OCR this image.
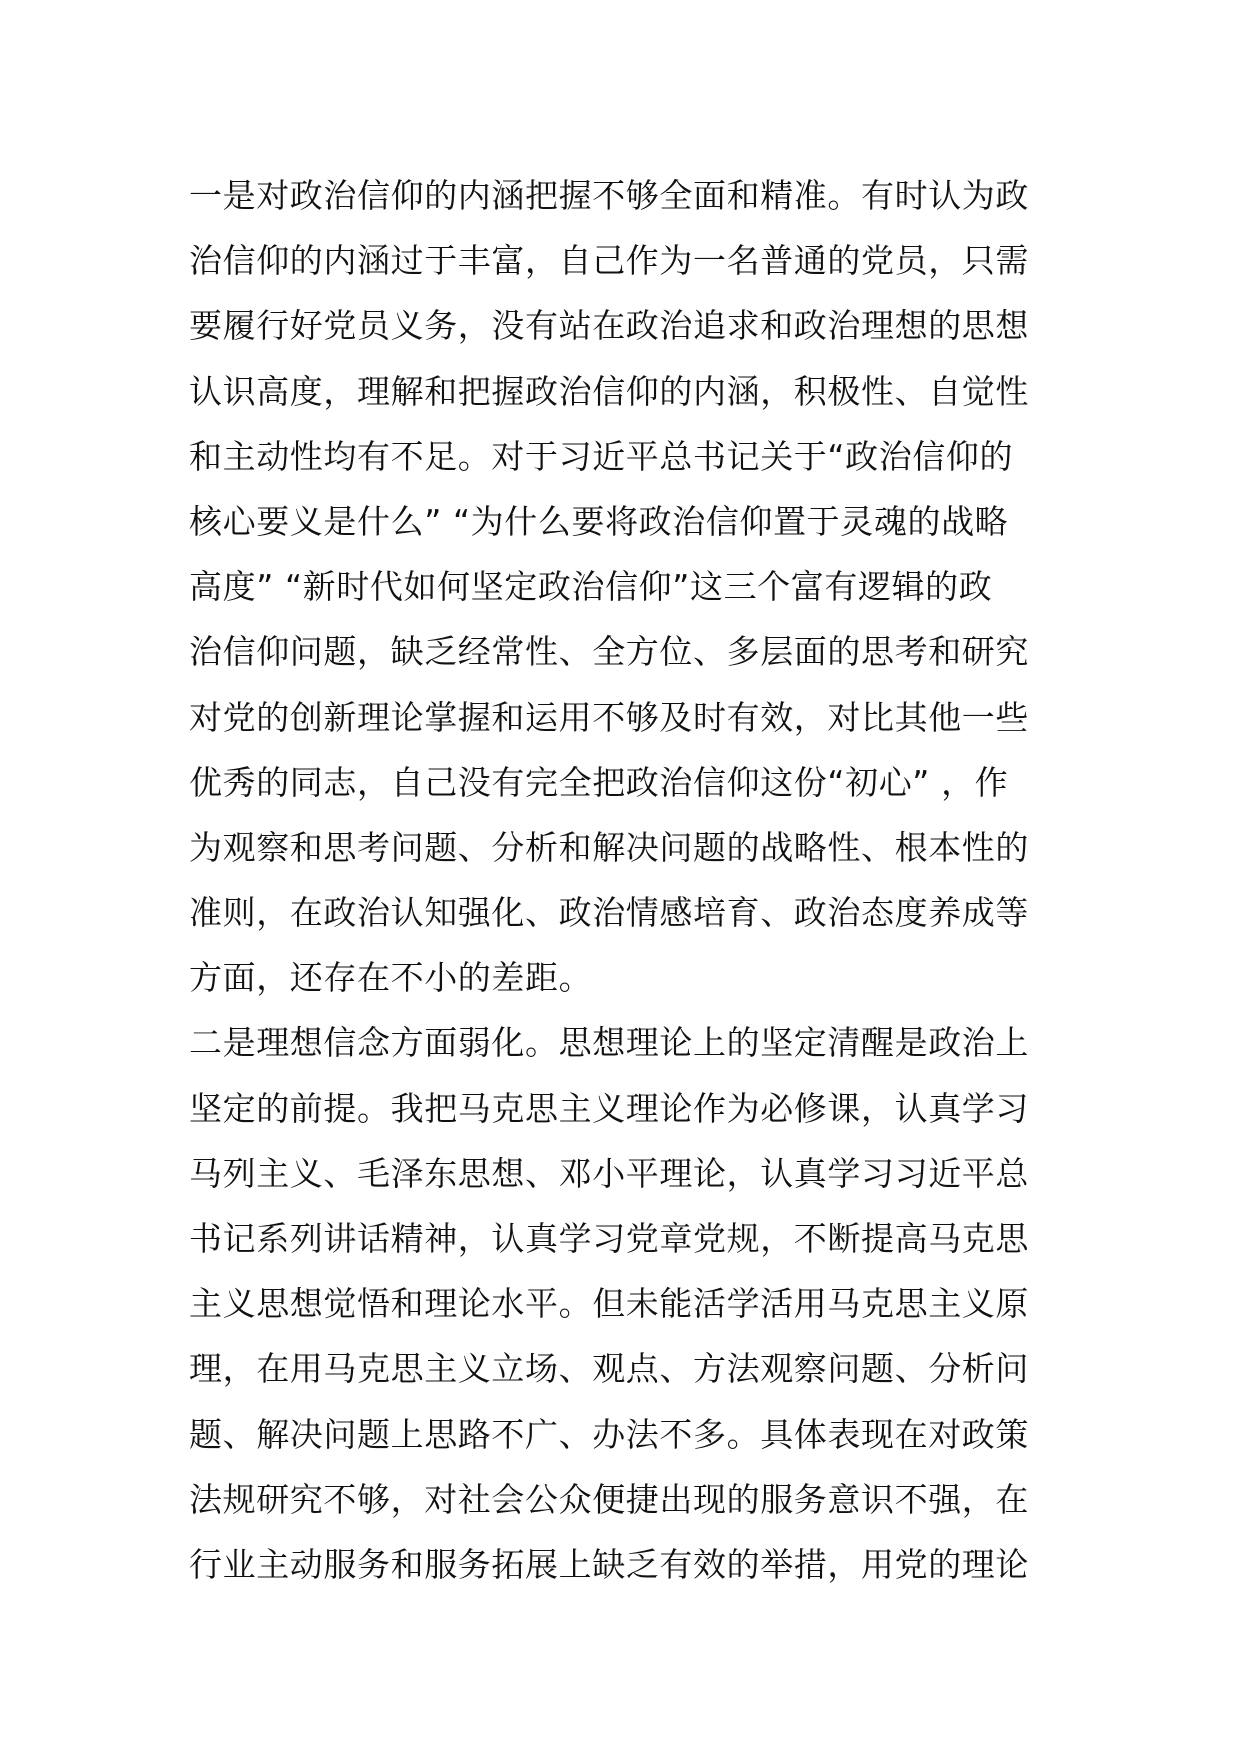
一是对政治信仰的内涵把握不够全面和精准。有时认为政
治信仰的内涵过于丰富，自己作为一名普通的党员，只需
要履行好党员义务，没有站在政治追求和政治理想的思想
认识高度，理解和把握政治信仰的内涵，积极性、自觉性
和主动性均有不足。对于习近平总书记关于“政治信仰的
核心要义是什么” “为什么要将政治信仰置于灵魂的战略
高度” “新时代如何坚定政治信仰”这三个富有逻辑的政
治信仰问题，缺乏经常性、全方位、多层面的思考和研究
对党的创新理论掌握和运用不够及时有效，对比其他一些
优秀的同志，自己没有完全把政治信仰这份“初心” ，作
为观察和思考问题、分析和解决问题的战略性、根本性的
准则，在政治认知强化、政治情感培育、政治态度养成等
方面，还存在不小的差距。
二是理想信念方面弱化。思想理论上的坚定清醒是政治上
坚定的前提。我把马克思主义理论作为必修课，认真学习
马列主义、毛泽东思想、邓小平理论，认真学习习近平总
书记系列讲话精神，认真学习党章党规，不断提高马克思
主义思想觉悟和理论水平。但未能活学活用马克思主义原
理，在用马克思主义立场、观点、方法观察问题、分析问
题、解决问题上思路不广、办法不多。具体表现在对政策
法规研究不够，对社会公众便捷出现的服务意识不强，在
行业主动服务和服务拓展上缺乏有效的举措，用党的理论
